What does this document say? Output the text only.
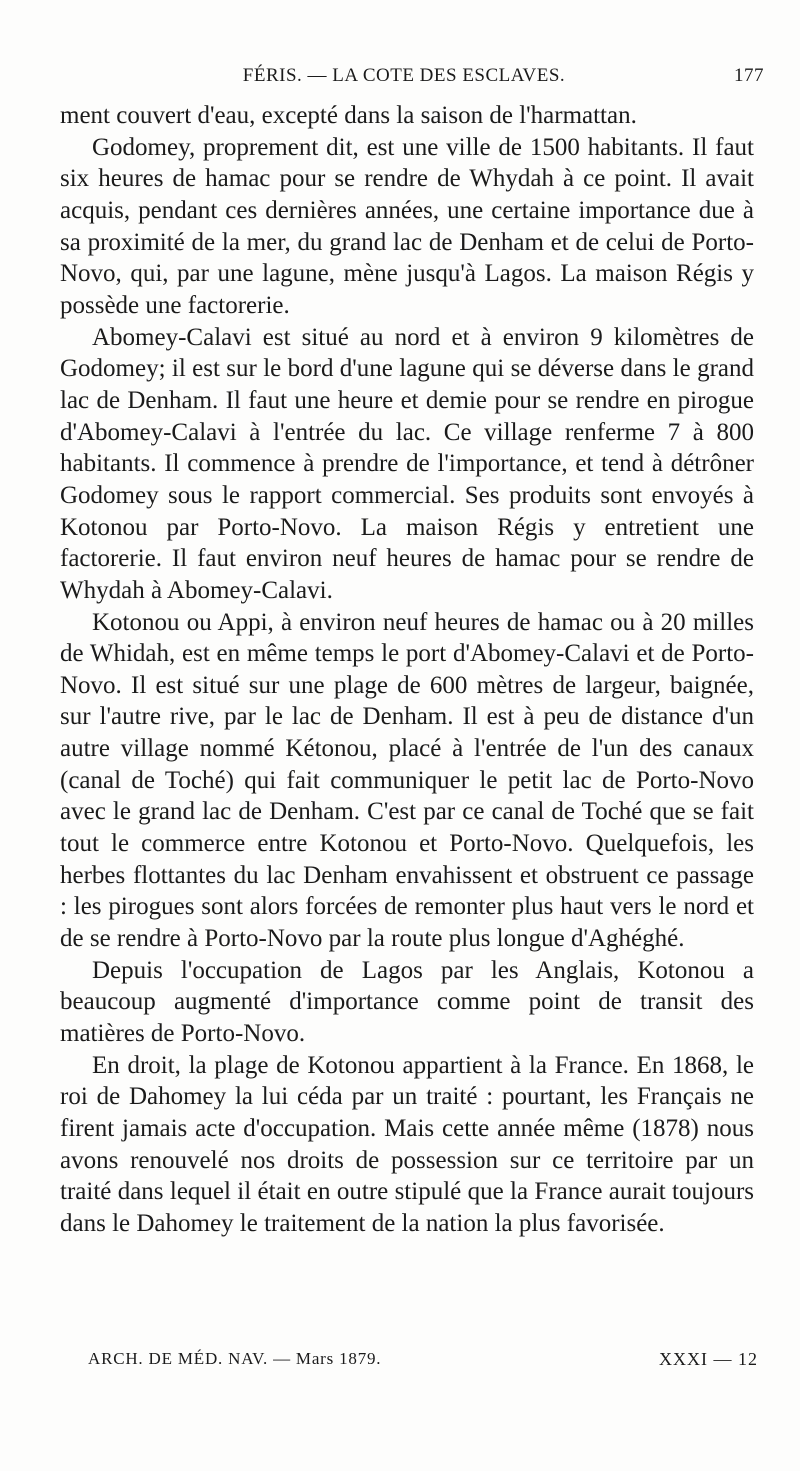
FÉRIS. — LA COTE DES ESCLAVES.	177

ment couvert d'eau, excepté dans la saison de l'harmattan.

Godomey, proprement dit, est une ville de 1500 habitants. Il faut six heures de hamac pour se rendre de Whydah à ce point. Il avait acquis, pendant ces dernières années, une certaine importance due à sa proximité de la mer, du grand lac de Denham et de celui de Porto-Novo, qui, par une lagune, mène jusqu'à Lagos. La maison Régis y possède une factorerie.

Abomey-Calavi est situé au nord et à environ 9 kilomètres de Godomey; il est sur le bord d'une lagune qui se déverse dans le grand lac de Denham. Il faut une heure et demie pour se rendre en pirogue d'Abomey-Calavi à l'entrée du lac. Ce village renferme 7 à 800 habitants. Il commence à prendre de l'importance, et tend à détrôner Godomey sous le rapport commercial. Ses produits sont envoyés à Kotonou par Porto-Novo. La maison Régis y entretient une factorerie. Il faut environ neuf heures de hamac pour se rendre de Whydah à Abomey-Calavi.

Kotonou ou Appi, à environ neuf heures de hamac ou à 20 milles de Whidah, est en même temps le port d'Abomey-Calavi et de Porto-Novo. Il est situé sur une plage de 600 mètres de largeur, baignée, sur l'autre rive, par le lac de Denham. Il est à peu de distance d'un autre village nommé Kétonou, placé à l'entrée de l'un des canaux (canal de Toché) qui fait communiquer le petit lac de Porto-Novo avec le grand lac de Denham. C'est par ce canal de Toché que se fait tout le commerce entre Kotonou et Porto-Novo. Quelquefois, les herbes flottantes du lac Denham envahissent et obstruent ce passage : les pirogues sont alors forcées de remonter plus haut vers le nord et de se rendre à Porto-Novo par la route plus longue d'Aghéghé.

Depuis l'occupation de Lagos par les Anglais, Kotonou a beaucoup augmenté d'importance comme point de transit des matières de Porto-Novo.

En droit, la plage de Kotonou appartient à la France. En 1868, le roi de Dahomey la lui céda par un traité : pourtant, les Français ne firent jamais acte d'occupation. Mais cette année même (1878) nous avons renouvelé nos droits de possession sur ce territoire par un traité dans lequel il était en outre stipulé que la France aurait toujours dans le Dahomey le traitement de la nation la plus favorisée.

ARCH. DE MÉD. NAV. — Mars 1879.	XXXI — 12
